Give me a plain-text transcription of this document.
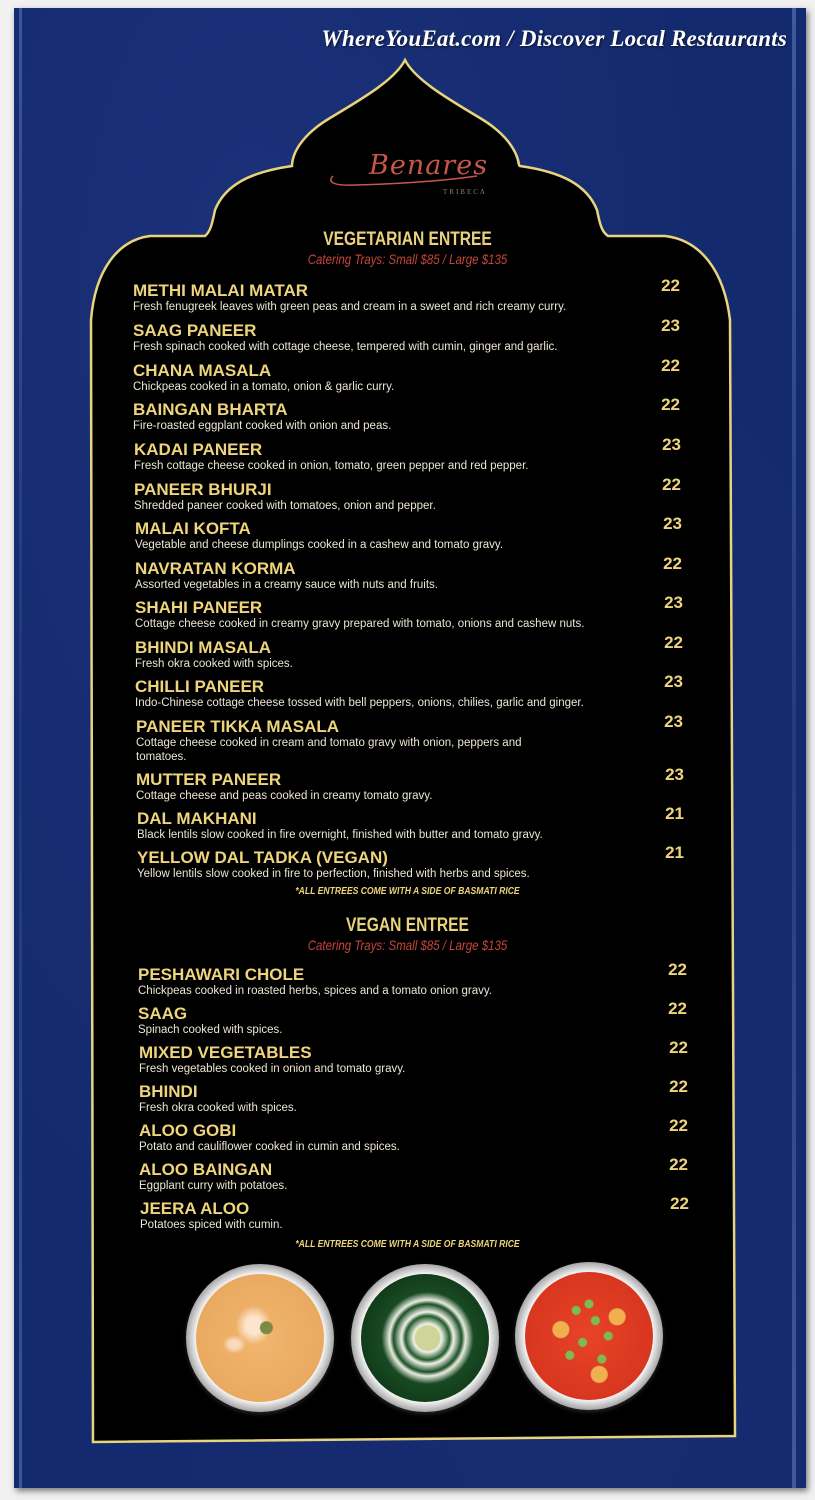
WhereYouEat.com / Discover Local Restaurants
Benares
TRIBECA
VEGETARIAN ENTREE
Catering Trays: Small $85 / Large $135
METHI MALAI MATAR
Fresh fenugreek leaves with green peas and cream in a sweet and rich creamy curry.
22
SAAG PANEER
Fresh spinach cooked with cottage cheese, tempered with cumin, ginger and garlic.
23
CHANA MASALA
Chickpeas cooked in a tomato, onion & garlic curry.
22
BAINGAN BHARTA
Fire-roasted eggplant cooked with onion and peas.
22
KADAI PANEER
Fresh cottage cheese cooked in onion, tomato, green pepper and red pepper.
23
PANEER BHURJI
Shredded paneer cooked with tomatoes, onion and pepper.
22
MALAI KOFTA
Vegetable and cheese dumplings cooked in a cashew and tomato gravy.
23
NAVRATAN KORMA
Assorted vegetables in a creamy sauce with nuts and fruits.
22
SHAHI PANEER
Cottage cheese cooked in creamy gravy prepared with tomato, onions and cashew nuts.
23
BHINDI MASALA
Fresh okra cooked with spices.
22
CHILLI PANEER
Indo-Chinese cottage cheese tossed with bell peppers, onions, chilies, garlic and ginger.
23
PANEER TIKKA MASALA
Cottage cheese cooked in cream and tomato gravy with onion, peppers and tomatoes.
23
MUTTER PANEER
Cottage cheese and peas cooked in creamy tomato gravy.
23
DAL MAKHANI
Black lentils slow cooked in fire overnight, finished with butter and tomato gravy.
21
YELLOW DAL TADKA (VEGAN)
Yellow lentils slow cooked in fire to perfection, finished with herbs and spices.
21
*ALL ENTREES COME WITH A SIDE OF BASMATI RICE
VEGAN ENTREE
Catering Trays: Small $85 / Large $135
PESHAWARI CHOLE
Chickpeas cooked in roasted herbs, spices and a tomato onion gravy.
22
SAAG
Spinach cooked with spices.
22
MIXED VEGETABLES
Fresh vegetables cooked in onion and tomato gravy.
22
BHINDI
Fresh okra cooked with spices.
22
ALOO GOBI
Potato and cauliflower cooked in cumin and spices.
22
ALOO BAINGAN
Eggplant curry with potatoes.
22
JEERA ALOO
Potatoes spiced with cumin.
22
*ALL ENTREES COME WITH A SIDE OF BASMATI RICE
